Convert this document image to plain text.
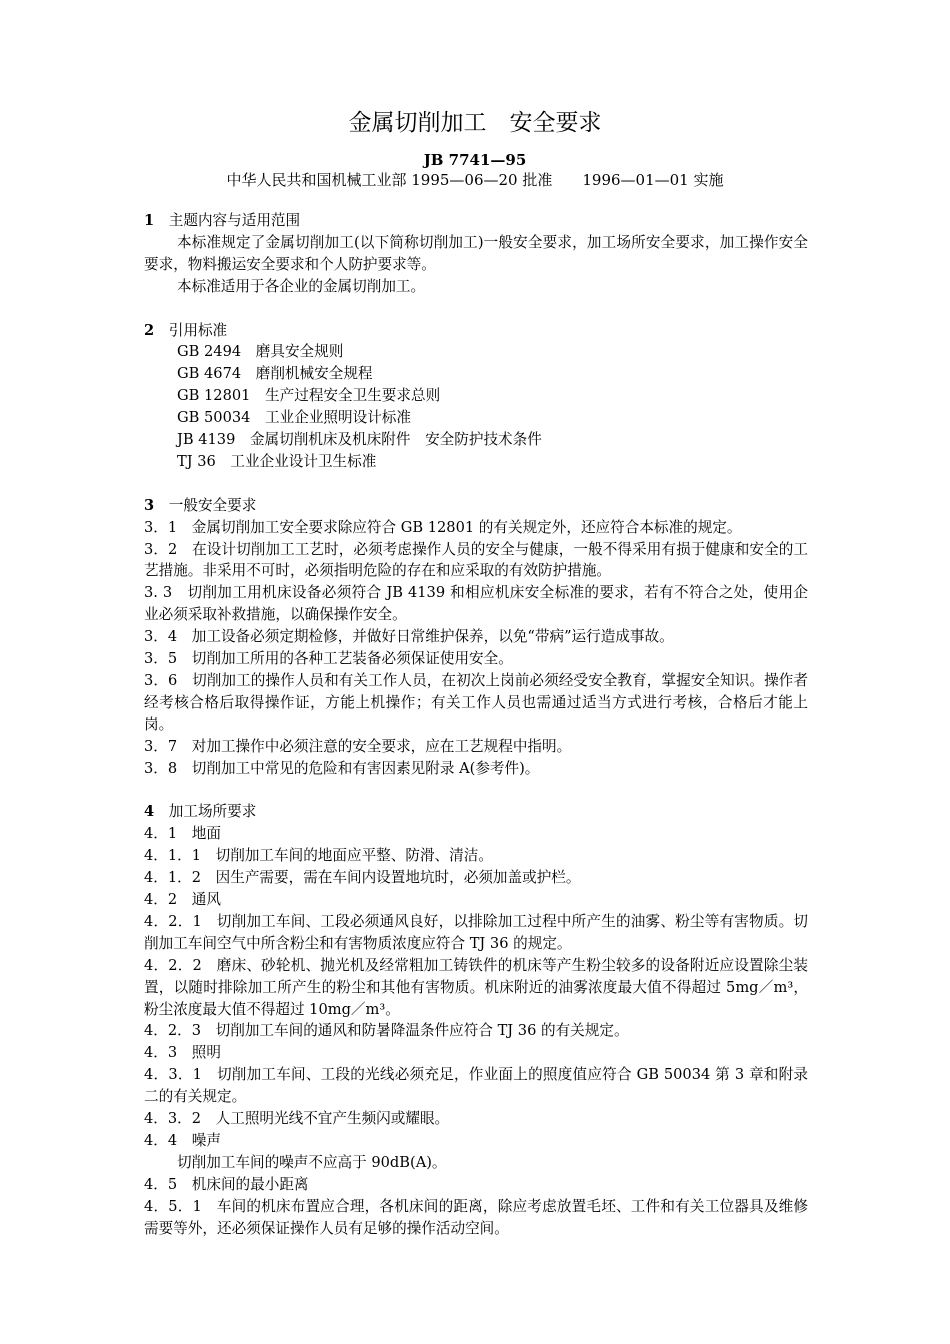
金属切削加工　安全要求
JB 7741—95
中华人民共和国机械工业部 1995—06—20 批准　　1996—01—01 实施

1　 主题内容与适用范围

本标准规定了金属切削加工(以下简称切削加工)一般安全要求，加工场所安全要求，加工操作安全要求，物料搬运安全要求和个人防护要求等。

本标准适用于各企业的金属切削加工。

2　 引用标准

GB 2494　磨具安全规则

GB 4674　磨削机械安全规程

GB 12801　生产过程安全卫生要求总则

GB 50034　工业企业照明设计标准

JB 4139　金属切削机床及机床附件　安全防护技术条件

TJ 36　工业企业设计卫生标准

3　 一般安全要求

3．1　金属切削加工安全要求除应符合 GB 12801 的有关规定外，还应符合本标准的规定。

3．2　在设计切削加工工艺时，必须考虑操作人员的安全与健康，一般不得采用有损于健康和安全的工艺措施。非采用不可时，必须指明危险的存在和应采取的有效防护措施。

3. 3　切削加工用机床设备必须符合 JB 4139 和相应机床安全标准的要求，若有不符合之处，使用企业必须采取补救措施，以确保操作安全。

3．4　加工设备必须定期检修，并做好日常维护保养，以免“带病”运行造成事故。

3．5　切削加工所用的各种工艺装备必须保证使用安全。

3．6　切削加工的操作人员和有关工作人员，在初次上岗前必须经受安全教育，掌握安全知识。操作者经考核合格后取得操作证，方能上机操作；有关工作人员也需通过适当方式进行考核，合格后才能上岗。

3．7　对加工操作中必须注意的安全要求，应在工艺规程中指明。

3．8　切削加工中常见的危险和有害因素见附录 A(参考件)。

4　 加工场所要求

4．1　地面

4．1．1　切削加工车间的地面应平整、防滑、清洁。

4．1．2　因生产需要，需在车间内设置地坑时，必须加盖或护栏。

4．2　通风

4．2．1　切削加工车间、工段必须通风良好，以排除加工过程中所产生的油雾、粉尘等有害物质。切削加工车间空气中所含粉尘和有害物质浓度应符合 TJ 36 的规定。

4．2．2　磨床、砂轮机、抛光机及经常粗加工铸铁件的机床等产生粉尘较多的设备附近应设置除尘装置，以随时排除加工所产生的粉尘和其他有害物质。机床附近的油雾浓度最大值不得超过 5mg／m³，粉尘浓度最大值不得超过 10mg／m³。

4．2．3　切削加工车间的通风和防暑降温条件应符合 TJ 36 的有关规定。

4．3　照明

4．3．1　切削加工车间、工段的光线必须充足，作业面上的照度值应符合 GB 50034 第 3 章和附录二的有关规定。

4．3．2　人工照明光线不宜产生频闪或耀眼。

4．4　噪声

切削加工车间的噪声不应高于 90dB(A)。

4．5　机床间的最小距离

4．5．1　车间的机床布置应合理，各机床间的距离，除应考虑放置毛坯、工件和有关工位器具及维修需要等外，还必须保证操作人员有足够的操作活动空间。
